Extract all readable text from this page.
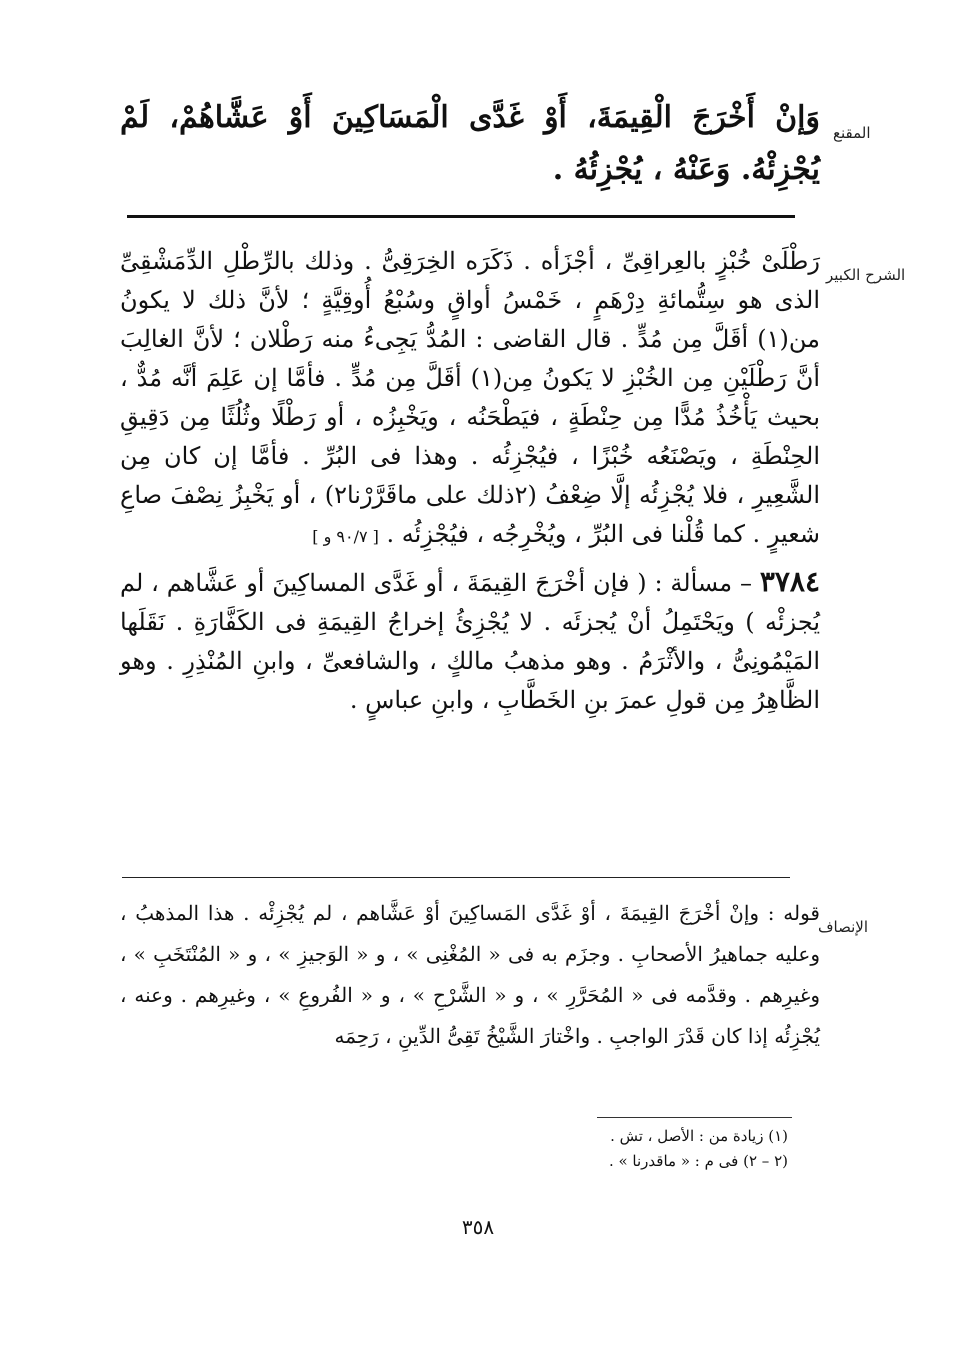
المقنع
وَإنْ أَخْرَجَ الْقِيمَةَ، أَوْ غَدَّى الْمَسَاكِينَ أَوْ عَشَّاهُمْ، لَمْ يُجْزِئْهُ. وَعَنْهُ ، يُجْزِئُهُ .
الشرح الكبير

رَطْلَىْ خُبْزٍ بالعِراقِىِّ ، أجْزَأه . ذَكَرَه الخِرَقِىُّ . وذلك بالرِّطْلِ الدِّمَشْقِىِّ الذى هو سِتُّمائةِ دِرْهَمٍ ، خَمْسُ أواقٍ وسُبْعُ أُوقِيَّةٍ ؛ لأنَّ ذلك لا يكونُ من(١) أقَلَّ مِن مُدٍّ . قال القاضى : المُدُّ يَجِىءُ منه رَطْلان ؛ لأنَّ الغالِبَ أنَّ رَطْلَيْنِ مِن الخُبْزِ لا يَكونُ مِن(١) أقَلَّ مِن مُدٍّ . فأمَّا إن عَلِمَ أنَّه مُدٌّ ، بحيث يَأْخُذُ مُدًّا مِن حِنْطَةٍ ، فيَطْحَنُه ، ويَخْبِزُه ، أو رَطْلًا وثُلُثًا مِن دَقِيقِ الحِنْطَةِ ، ويَصْنَعُه خُبْزًا ، فيُجْزِئُه . وهذا فى البُرِّ . فأمَّا إن كان مِن الشَّعِيرِ ، فلا يُجْزِئُه إلَّا ضِعْفُ (٢ذلك على ماقَرَّرْنا٢) ، أو يَخْبِزُ نِصْفَ صاعِ شعيرٍ . كما قُلْنا فى البُرِّ ، ويُخْرِجُه ، فيُجْزِئُه . [ ٩٠/٧ و ]

٣٧٨٤ – مسألة : ( فإن أخْرَجَ القِيمَةَ ، أو غَدَّى المساكِينَ أو عَشَّاهم ، لم يُجزئْه ) ويَحْتَمِلُ أنْ يُجزئَه . لا يُجْزِئُ إخراجُ القِيمَةِ فى الكَفَّارَةِ . نَقَلَها المَيْمُونِىُّ ، والأثْرَمُ . وهو مذهبُ مالكٍ ، والشافعىِّ ، وابنِ المُنْذِرِ . وهو الظَّاهِرُ مِن قولِ عمرَ بنِ الخَطَّابِ ، وابنِ عباسٍ .

الإنصاف
قوله : وإنْ أخْرَجَ القِيمَةَ ، أوْ غَدَّى المَساكِينَ أوْ عَشَّاهم ، لم يُجْزِئْه . هذا المذهبُ ، وعليه جماهيرُ الأصحابِ . وجزَم به فى « المُغْنِى » ، و « الوَجيزِ » ، و « المُنْتَخَبِ » ، وغيرِهم . وقدَّمه فى « المُحَرَّرِ » ، و « الشَّرْحِ » ، و « الفُروعِ » ، وغيرِهم . وعنه ، يُجْزِئُه إذا كان قَدْرَ الواجبِ . واخْتارَ الشَّيْخُ تَقِىُّ الدِّينِ ، رَحِمَه
(١) زيادة من : الأصل ، تش .
(٢ – ٢) فى م : « ماقدرنا » .
٣٥٨
